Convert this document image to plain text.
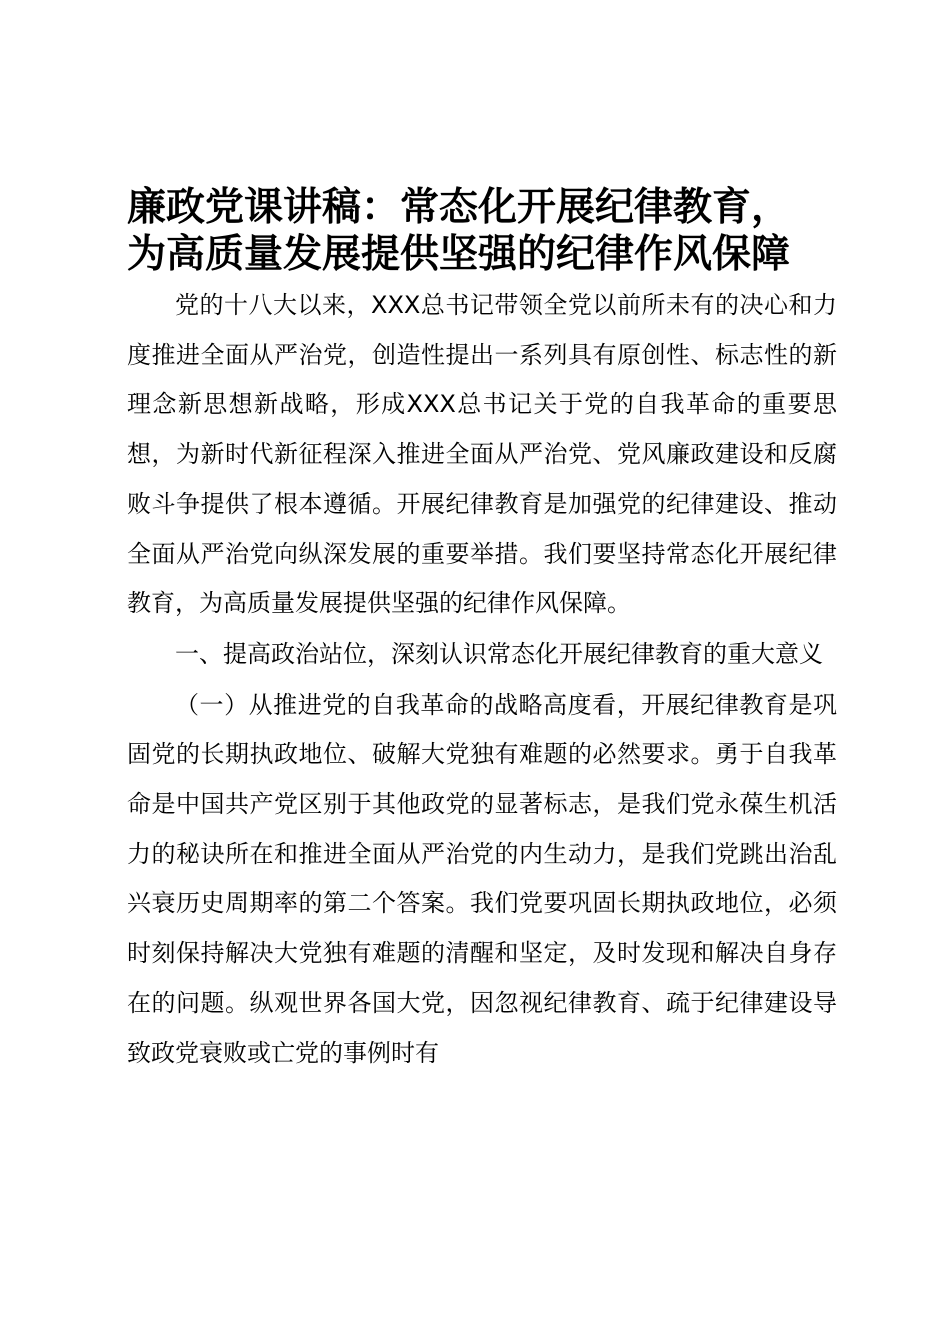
廉政党课讲稿：常态化开展纪律教育，
为高质量发展提供坚强的纪律作风保障

党的十八大以来，XXX总书记带领全党以前所未有的决心和力度推进全面从严治党，创造性提出一系列具有原创性、标志性的新理念新思想新战略，形成XXX总书记关于党的自我革命的重要思想，为新时代新征程深入推进全面从严治党、党风廉政建设和反腐败斗争提供了根本遵循。开展纪律教育是加强党的纪律建设、推动全面从严治党向纵深发展的重要举措。我们要坚持常态化开展纪律教育，为高质量发展提供坚强的纪律作风保障。

一、提高政治站位，深刻认识常态化开展纪律教育的重大意义

（一）从推进党的自我革命的战略高度看，开展纪律教育是巩固党的长期执政地位、破解大党独有难题的必然要求。勇于自我革命是中国共产党区别于其他政党的显著标志，是我们党永葆生机活力的秘诀所在和推进全面从严治党的内生动力，是我们党跳出治乱兴衰历史周期率的第二个答案。我们党要巩固长期执政地位，必须时刻保持解决大党独有难题的清醒和坚定，及时发现和解决自身存在的问题。纵观世界各国大党，因忽视纪律教育、疏于纪律建设导致政党衰败或亡党的事例时有
